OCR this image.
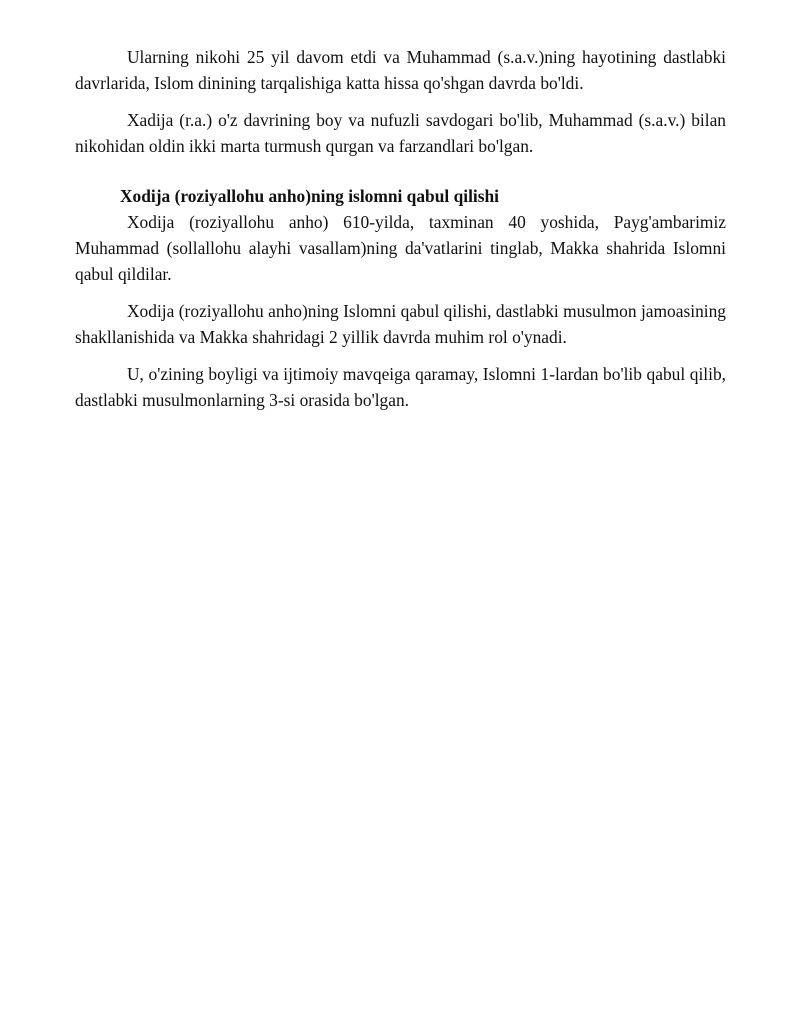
Ularning nikohi 25 yil davom etdi va Muhammad (s.a.v.)ning hayotining dastlabki davrlarida, Islom dinining tarqalishiga katta hissa qo'shgan davrda bo'ldi.

Xadija (r.a.) o'z davrining boy va nufuzli savdogari bo'lib, Muhammad (s.a.v.) bilan nikohidan oldin ikki marta turmush qurgan va farzandlari bo'lgan.

Xodija (roziyallohu anho)ning islomni qabul qilishi

Xodija (roziyallohu anho) 610-yilda, taxminan 40 yoshida, Payg'ambarimiz Muhammad (sollallohu alayhi vasallam)ning da'vatlarini tinglab, Makka shahrida Islomni qabul qildilar.

Xodija (roziyallohu anho)ning Islomni qabul qilishi, dastlabki musulmon jamoasining shakllanishida va Makka shahridagi 2 yillik davrda muhim rol o'ynadi.

U, o'zining boyligi va ijtimoiy mavqeiga qaramay, Islomni 1-lardan bo'lib qabul qilib, dastlabki musulmonlarning 3-si orasida bo'lgan.
